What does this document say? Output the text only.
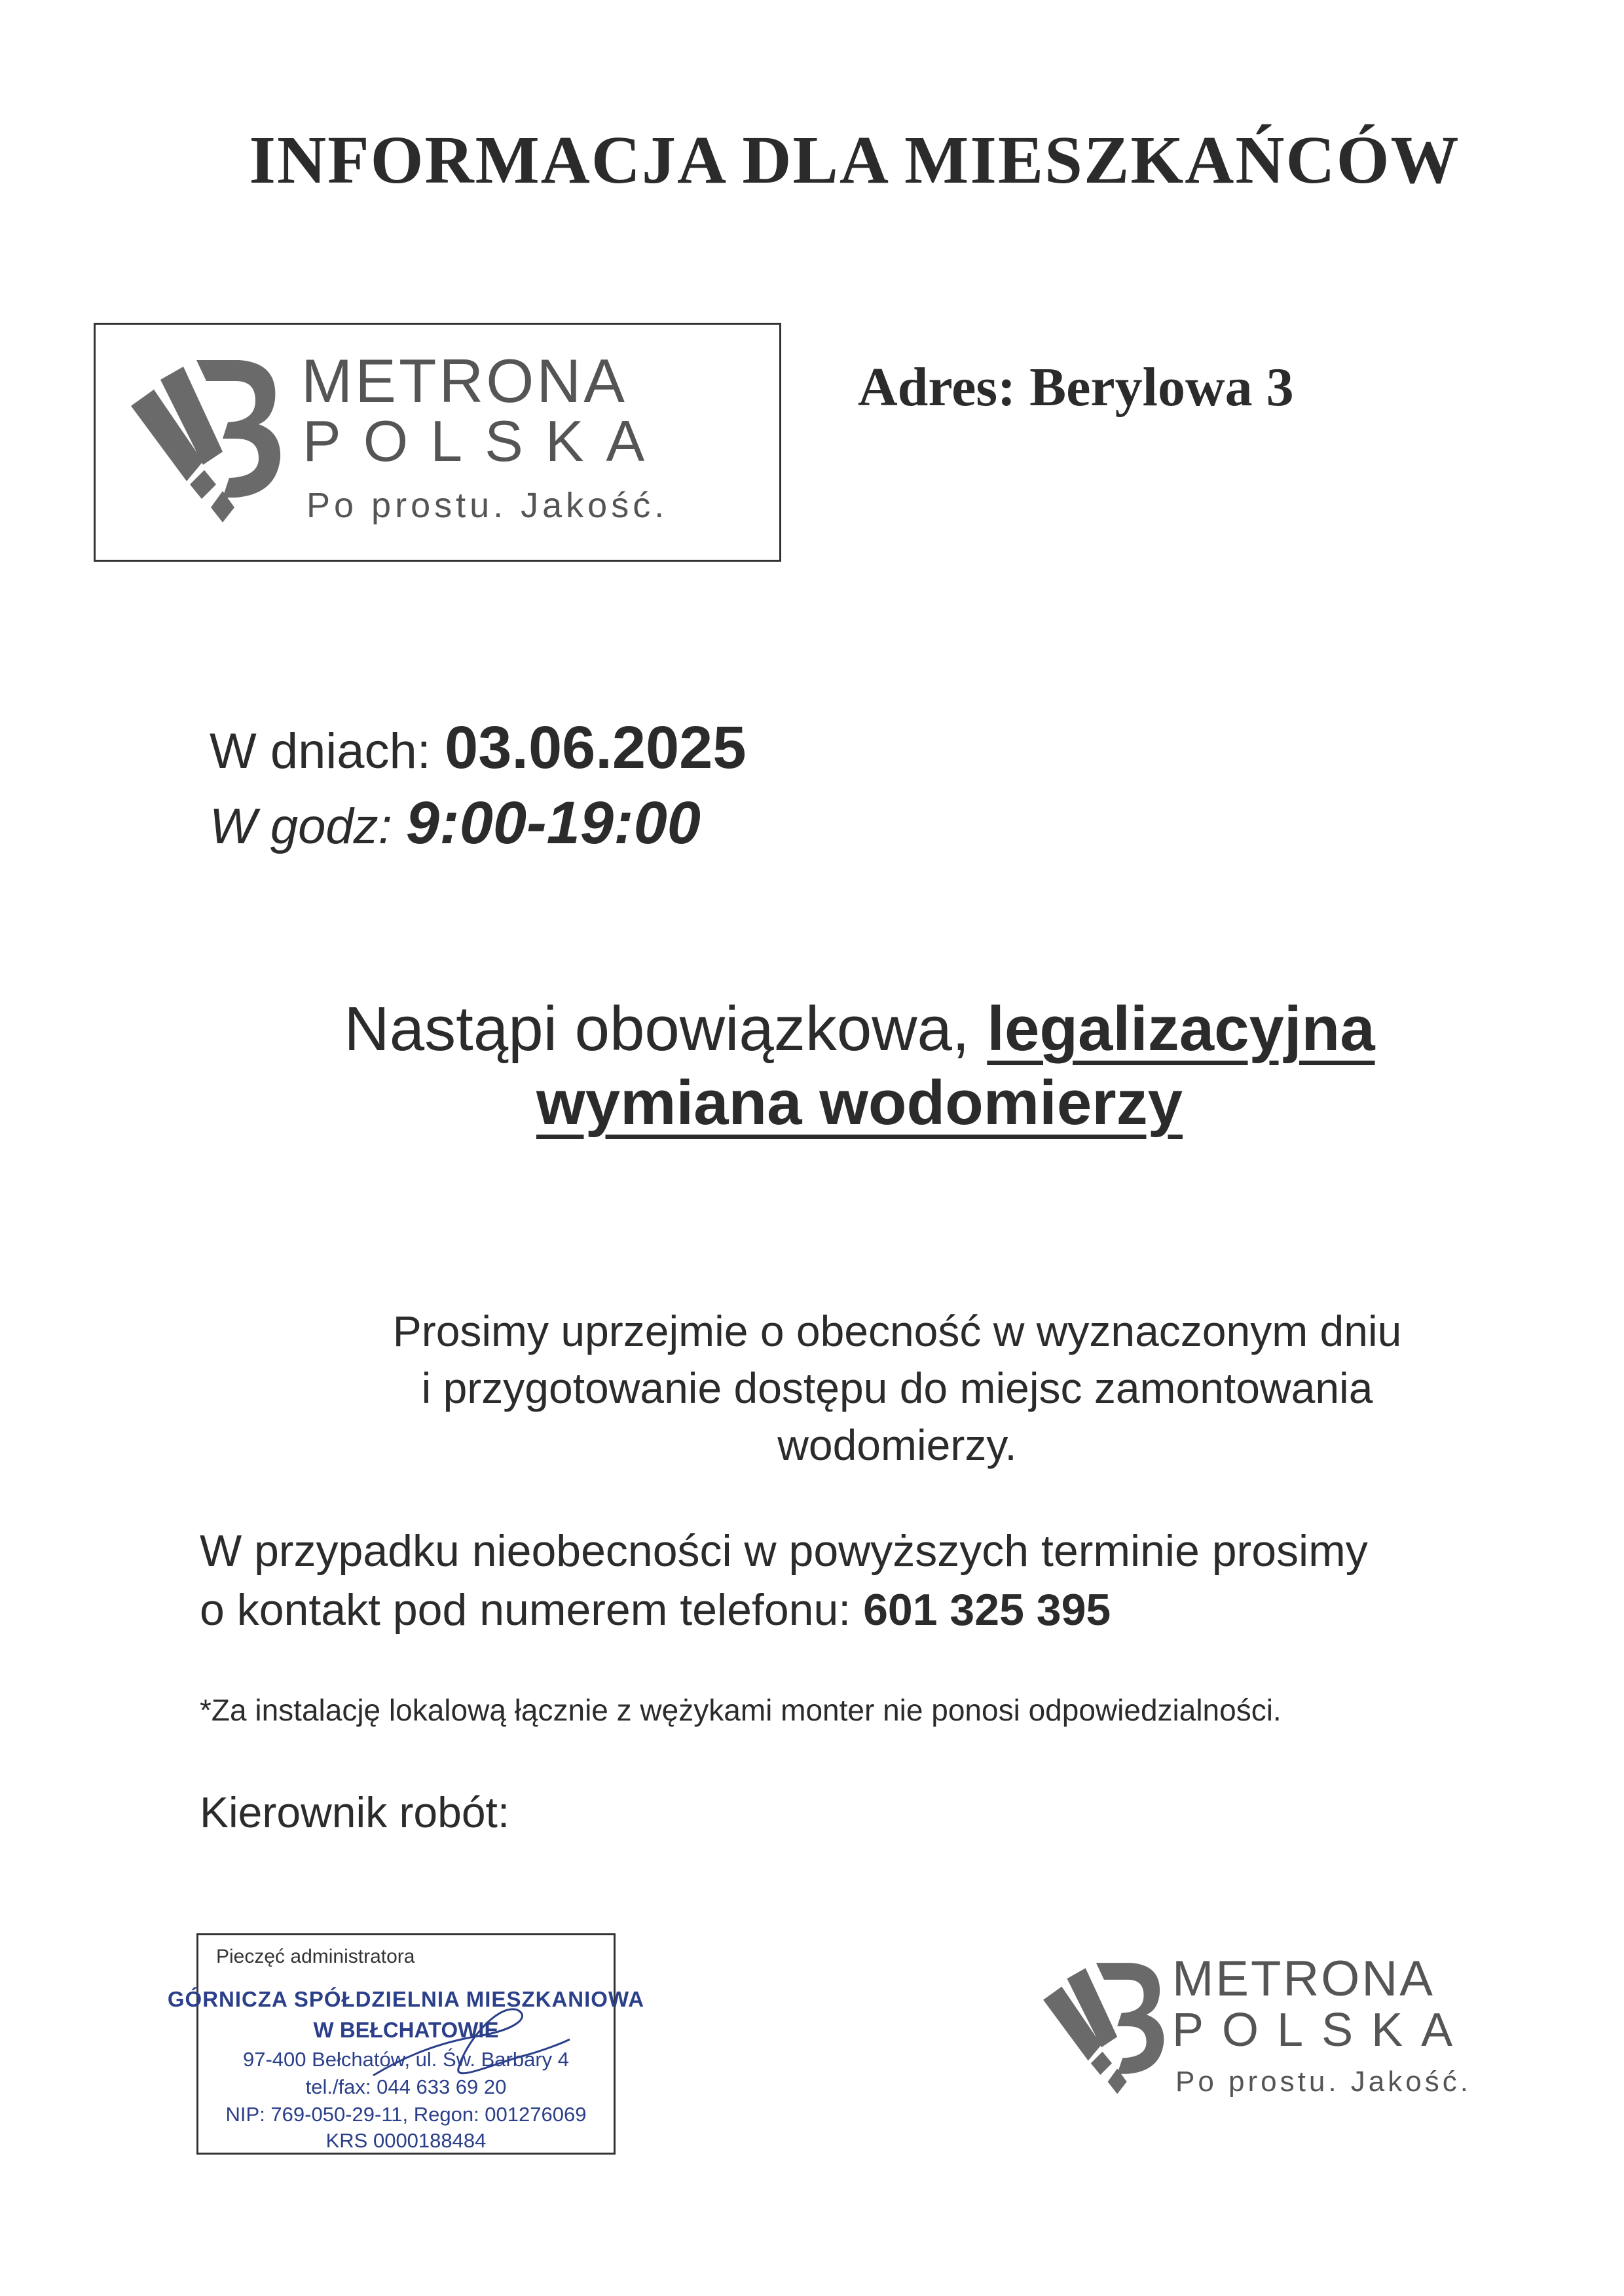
INFORMACJA DLA MIESZKAŃCÓW
METRONA
POLSKA
Po prostu. Jakość.
Adres: Berylowa 3
W dniach: 03.06.2025
W godz: 9:00-19:00
Nastąpi obowiązkowa, legalizacyjna
wymiana wodomierzy
Prosimy uprzejmie o obecność w wyznaczonym dniu
i przygotowanie dostępu do miejsc zamontowania
wodomierzy.
W przypadku nieobecności w powyższych terminie prosimy
o kontakt pod numerem telefonu: 601 325 395
*Za instalację lokalową łącznie z wężykami monter nie ponosi odpowiedzialności.
Kierownik robót:
Pieczęć administratora
GÓRNICZA SPÓŁDZIELNIA MIESZKANIOWA
W BEŁCHATOWIE
97-400 Bełchatów, ul. Św. Barbary 4
tel./fax: 044 633 69 20
NIP: 769-050-29-11, Regon: 001276069
KRS 0000188484
METRONA
POLSKA
Po prostu. Jakość.
